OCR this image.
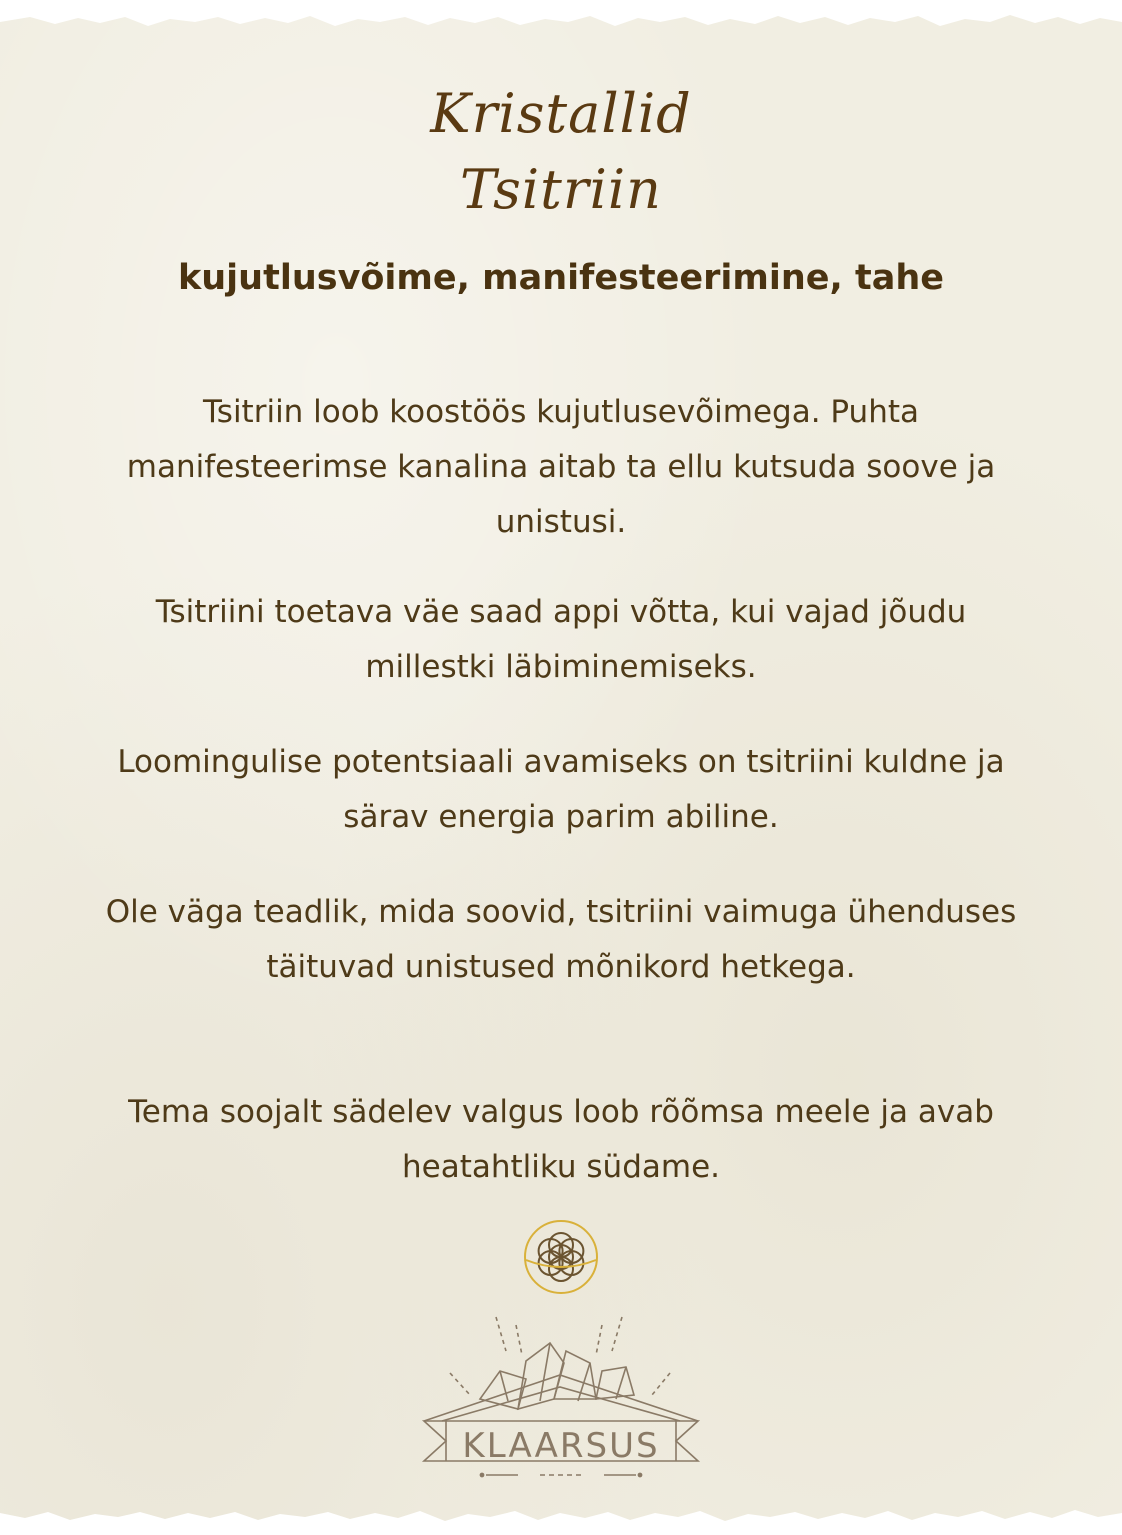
Kristallid
Tsitriin
kujutlusvõime, manifesteerimine, tahe
Tsitriin loob koostöös kujutlusevõimega. Puhta manifesteerimse kanalina aitab ta ellu kutsuda soove ja unistusi.
Tsitriini toetava väe saad appi võtta, kui vajad jõudu millestki läbiminemiseks.
Loomingulise potentsiaali avamiseks on tsitriini kuldne ja särav energia parim abiline.
Ole väga teadlik, mida soovid, tsitriini vaimuga ühenduses täituvad unistused mõnikord hetkega.
Tema soojalt sädelev valgus loob rõõmsa meele ja avab heatahtliku südame.
KLAARSUS
